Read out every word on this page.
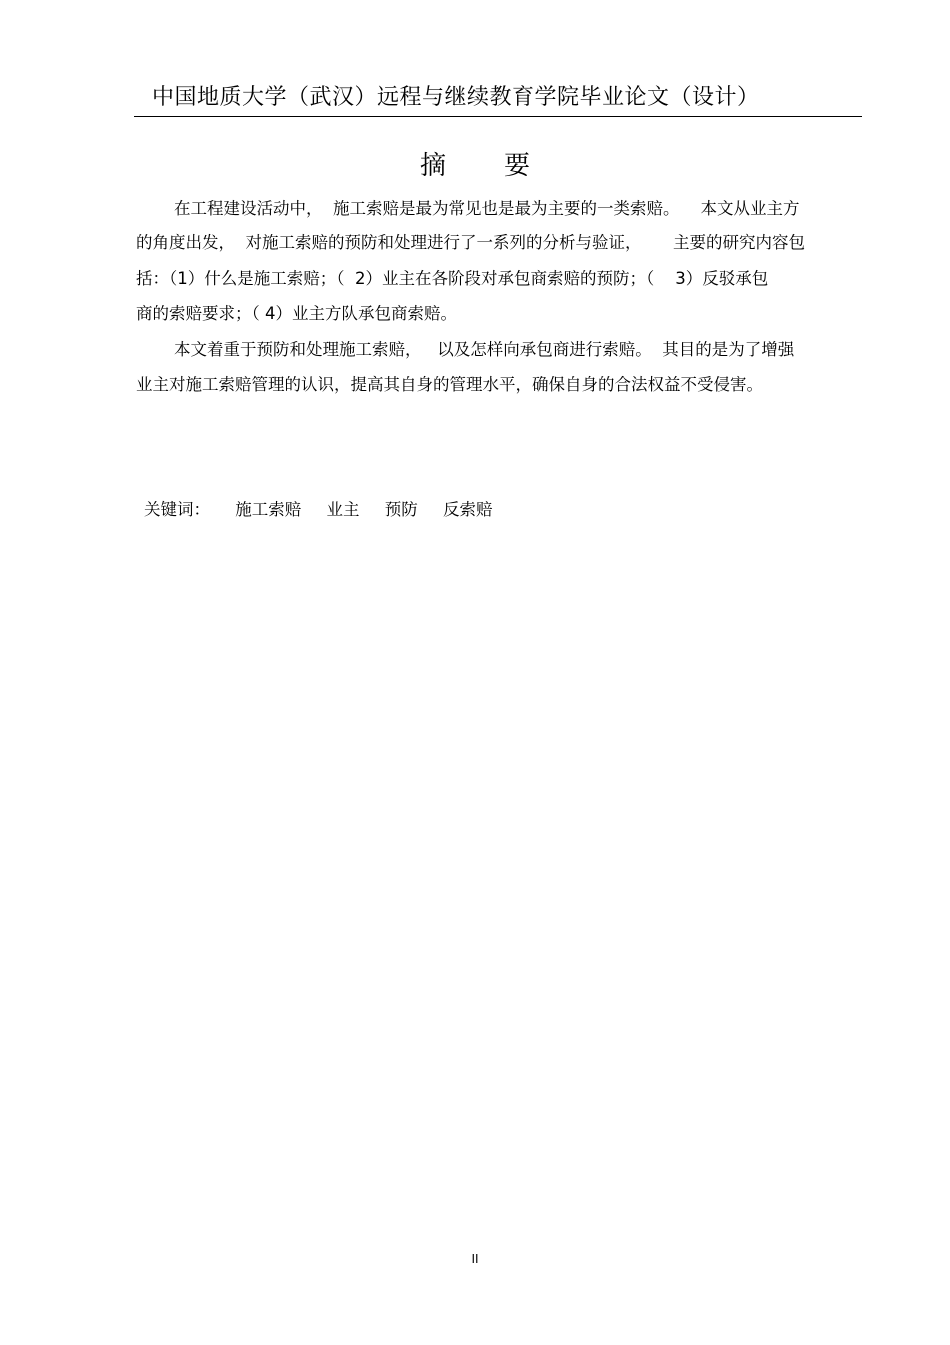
中国地质大学（武汉）远程与继续教育学院毕业论文（设计）
摘 要
在工程建设活动中，  施工索赔是最为常见也是最为主要的一类索赔。    本文从业主方
的角度出发，  对施工索赔的预防和处理进行了一系列的分析与验证，      主要的研究内容包
括：（1）什么是施工索赔；（  2）业主在各阶段对承包商索赔的预防；（    3）反驳承包
商的索赔要求；（ 4）业主方队承包商索赔。
本文着重于预防和处理施工索赔，   以及怎样向承包商进行索赔。  其目的是为了增强
业主对施工索赔管理的认识，提高其自身的管理水平，确保自身的合法权益不受侵害。
关键词： 施工索赔 业主 预防 反索赔
II
